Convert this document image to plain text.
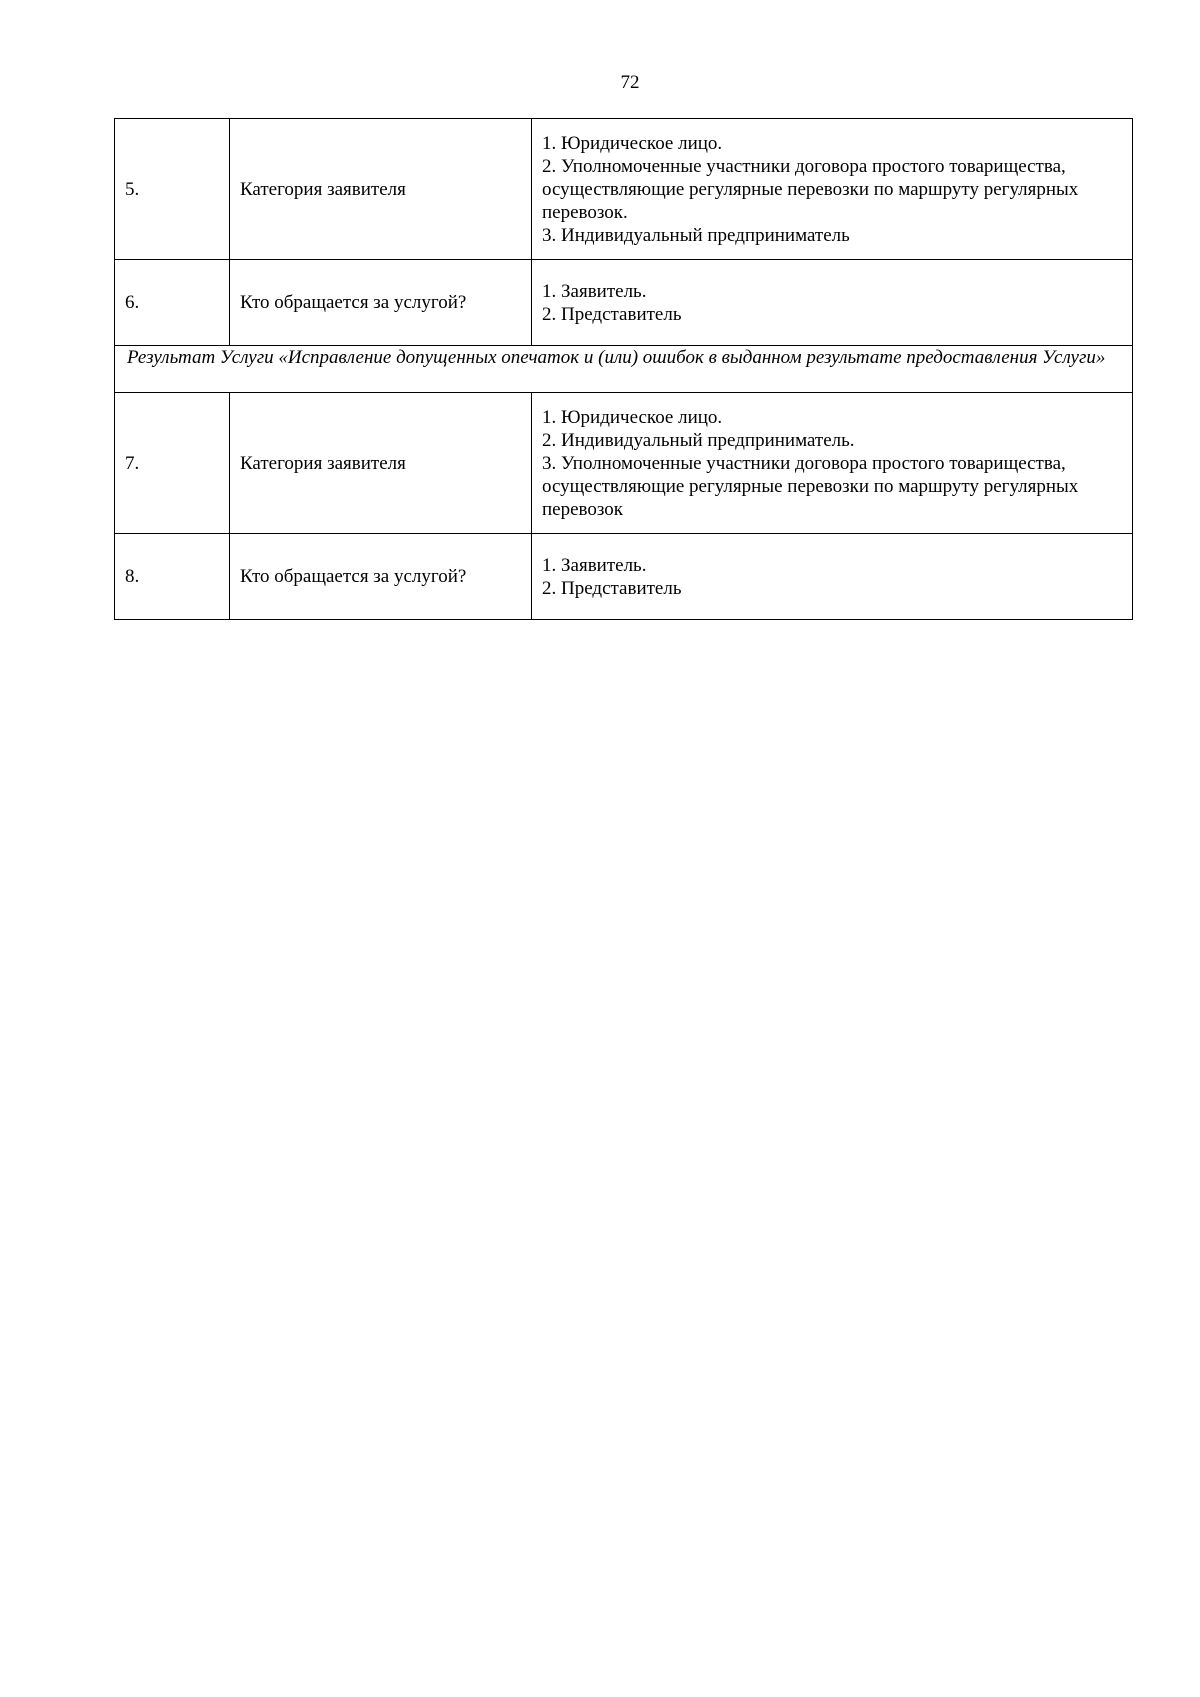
72
5.	Категория заявителя	1. Юридическое лицо.
2. Уполномоченные участники договора простого товарищества,
осуществляющие регулярные перевозки по маршруту регулярных
перевозок.
3. Индивидуальный предприниматель

6.	Кто обращается за услугой?	1. Заявитель.
2. Представитель

Результат Услуги «Исправление допущенных опечаток и (или) ошибок в выданном результате предоставления Услуги»		
7.	Категория заявителя	1. Юридическое лицо.
2. Индивидуальный предприниматель.
3. Уполномоченные участники договора простого товарищества,
осуществляющие регулярные перевозки по маршруту регулярных
перевозок

8.	Кто обращается за услугой?	1. Заявитель.
2. Представитель
